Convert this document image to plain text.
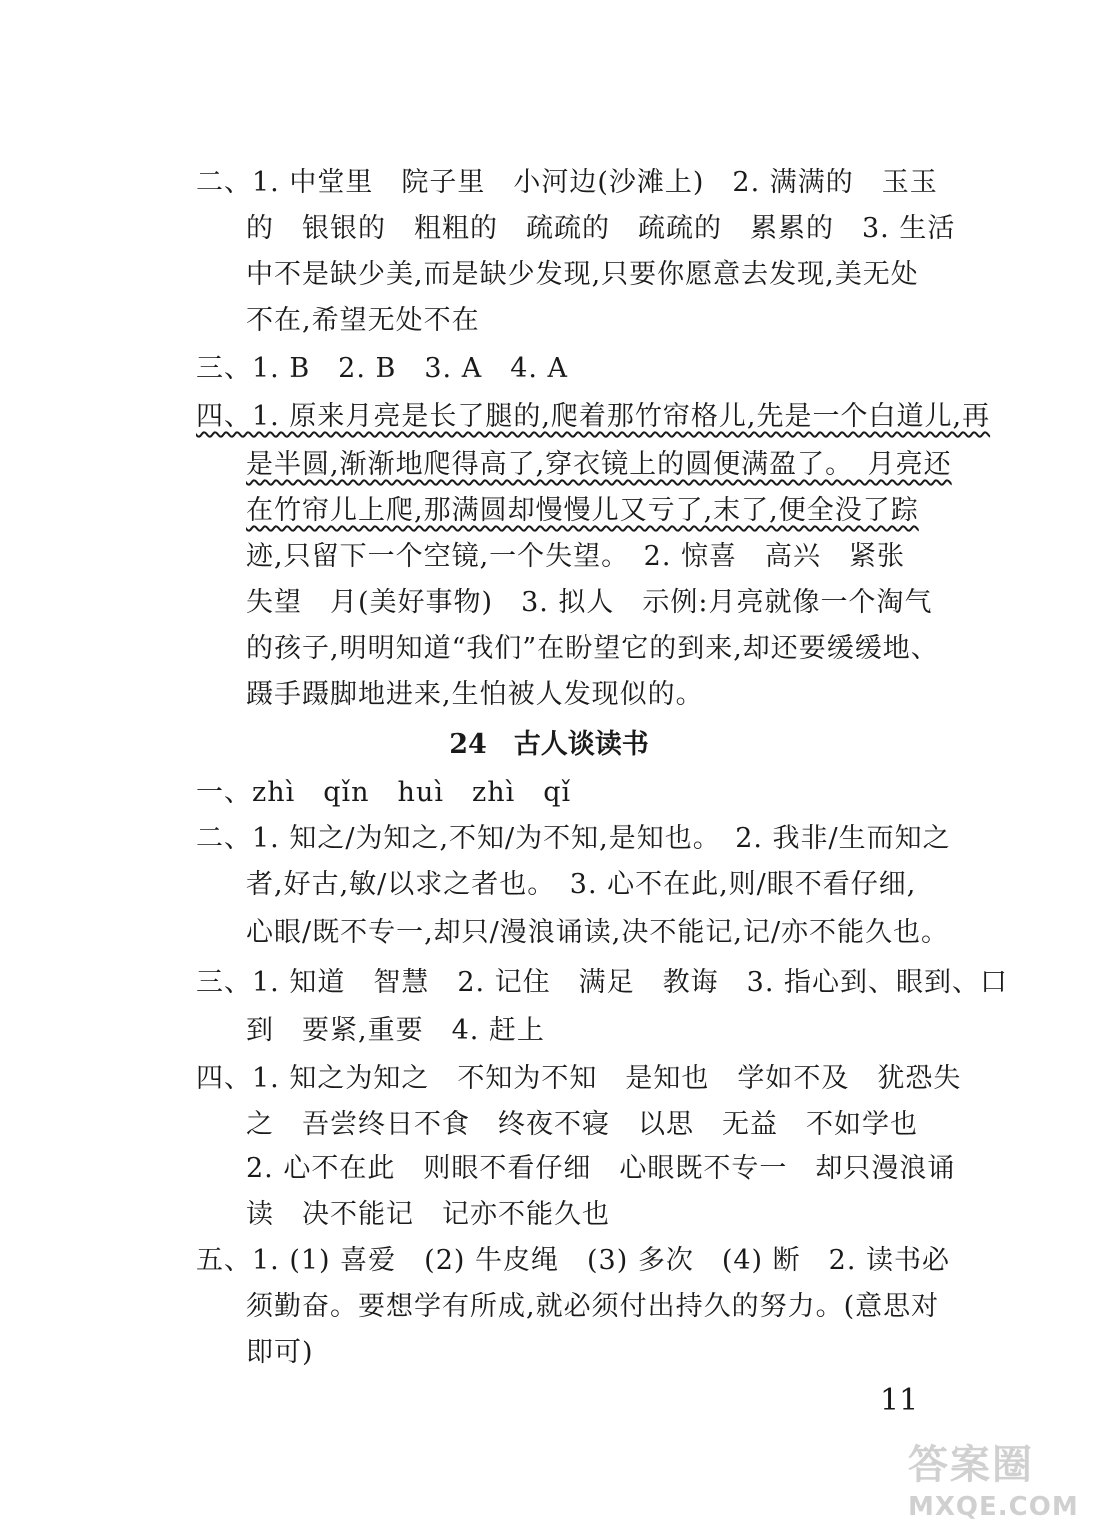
二、1. 中堂里　院子里　小河边(沙滩上)　2. 满满的　玉玉
的　银银的　粗粗的　疏疏的　疏疏的　累累的　3. 生活
中不是缺少美,而是缺少发现,只要你愿意去发现,美无处
不在,希望无处不在
三、1. B　2. B　3. A　4. A
四、1. 原来月亮是长了腿的,爬着那竹帘格儿,先是一个白道儿,再
是半圆,渐渐地爬得高了,穿衣镜上的圆便满盈了。　月亮还
在竹帘儿上爬,那满圆却慢慢儿又亏了,末了,便全没了踪
迹,只留下一个空镜,一个失望。　2. 惊喜　高兴　紧张
失望　月(美好事物)　3. 拟人　示例:月亮就像一个淘气
的孩子,明明知道“我们”在盼望它的到来,却还要缓缓地、
蹑手蹑脚地进来,生怕被人发现似的。
24　古人谈读书
一、zhì　qǐn　huì　zhì　qǐ
二、1. 知之/为知之,不知/为不知,是知也。　2. 我非/生而知之
者,好古,敏/以求之者也。　3. 心不在此,则/眼不看仔细,
心眼/既不专一,却只/漫浪诵读,决不能记,记/亦不能久也。
三、1. 知道　智慧　2. 记住　满足　教诲　3. 指心到、眼到、口
到　要紧,重要　4. 赶上
四、1. 知之为知之　不知为不知　是知也　学如不及　犹恐失
之　吾尝终日不食　终夜不寝　以思　无益　不如学也
2. 心不在此　则眼不看仔细　心眼既不专一　却只漫浪诵
读　决不能记　记亦不能久也
五、1. (1) 喜爱　(2) 牛皮绳　(3) 多次　(4) 断　2. 读书必
须勤奋。要想学有所成,就必须付出持久的努力。(意思对
即可)
11
答案圈
MXQE.COM
